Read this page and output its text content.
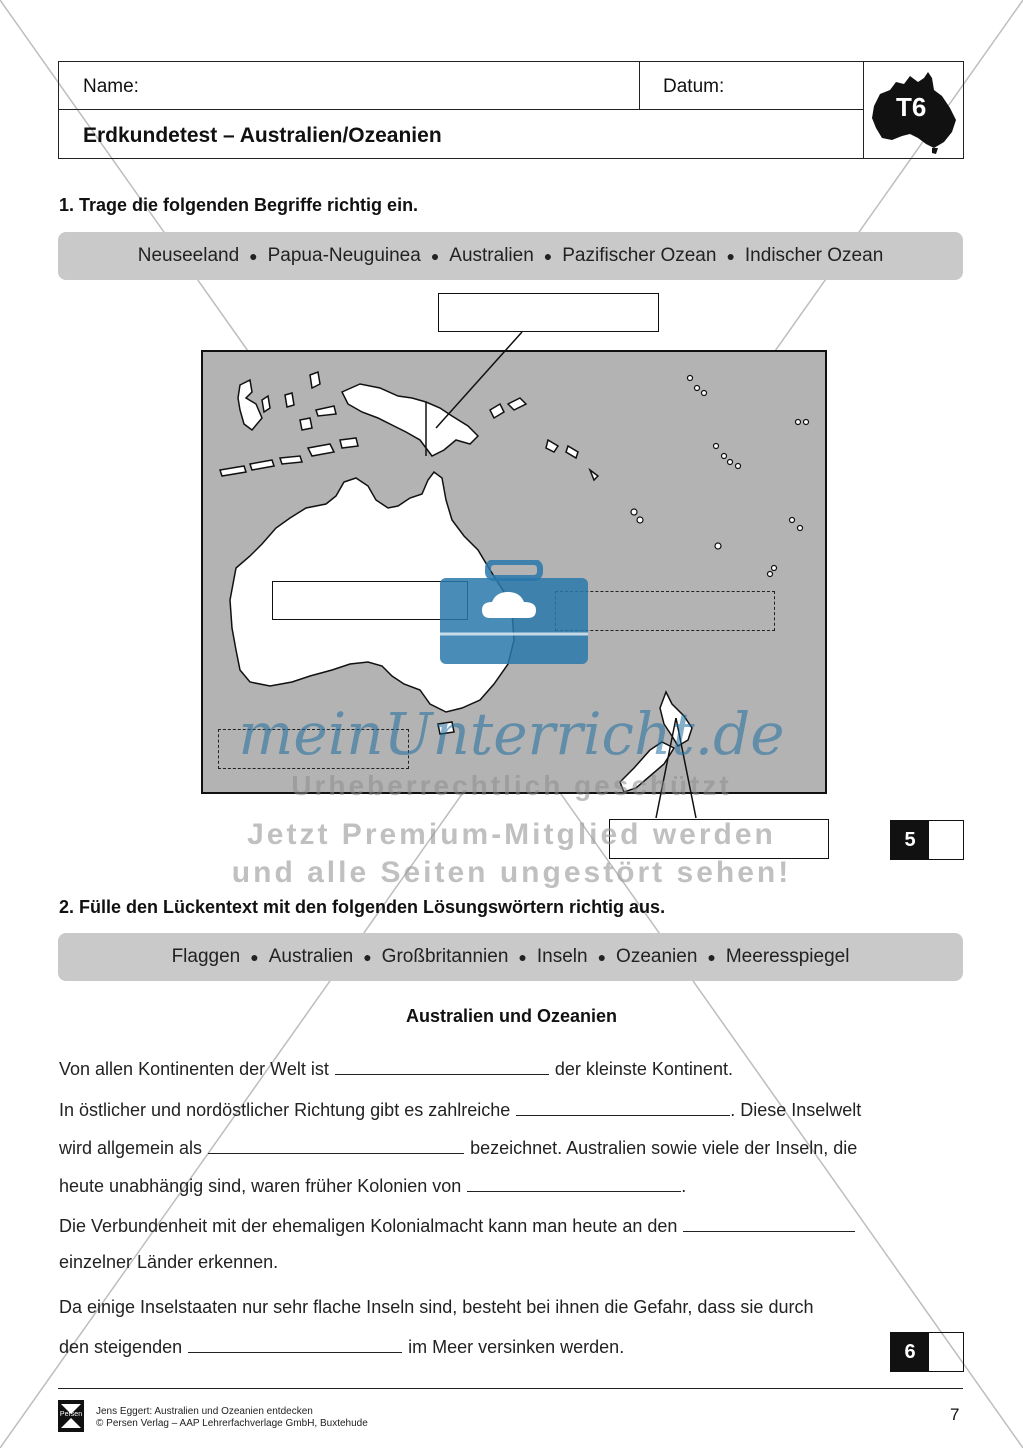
Name:	Datum:
Erdkundetest – Australien/Ozeanien
T6
1. Trage die folgenden Begriffe richtig ein.
Neuseeland ● Papua-Neuguinea ● Australien ● Pazifischer Ozean ● Indischer Ozean
meinUnterricht.de
Urheberrechtlich geschützt
5
Jetzt Premium-Mitglied werden
und alle Seiten ungestört sehen!
2. Fülle den Lückentext mit den folgenden Lösungswörtern richtig aus.
Flaggen ● Australien ● Großbritannien ● Inseln ● Ozeanien ● Meeresspiegel
Australien und Ozeanien
Von allen Kontinenten der Welt ist	der kleinste Kontinent.
In östlicher und nordöstlicher Richtung gibt es zahlreiche	. Diese Inselwelt
wird allgemein als	bezeichnet. Australien sowie viele der Inseln, die
heute unabhängig sind, waren früher Kolonien von	.
Die Verbundenheit mit der ehemaligen Kolonialmacht kann man heute an den
einzelner Länder erkennen.
Da einige Inselstaaten nur sehr flache Inseln sind, besteht bei ihnen die Gefahr, dass sie durch
den steigenden	im Meer versinken werden.	6
Persen Jens Eggert: Australien und Ozeanien entdecken
© Persen Verlag – AAP Lehrerfachverlage GmbH, Buxtehude	7
